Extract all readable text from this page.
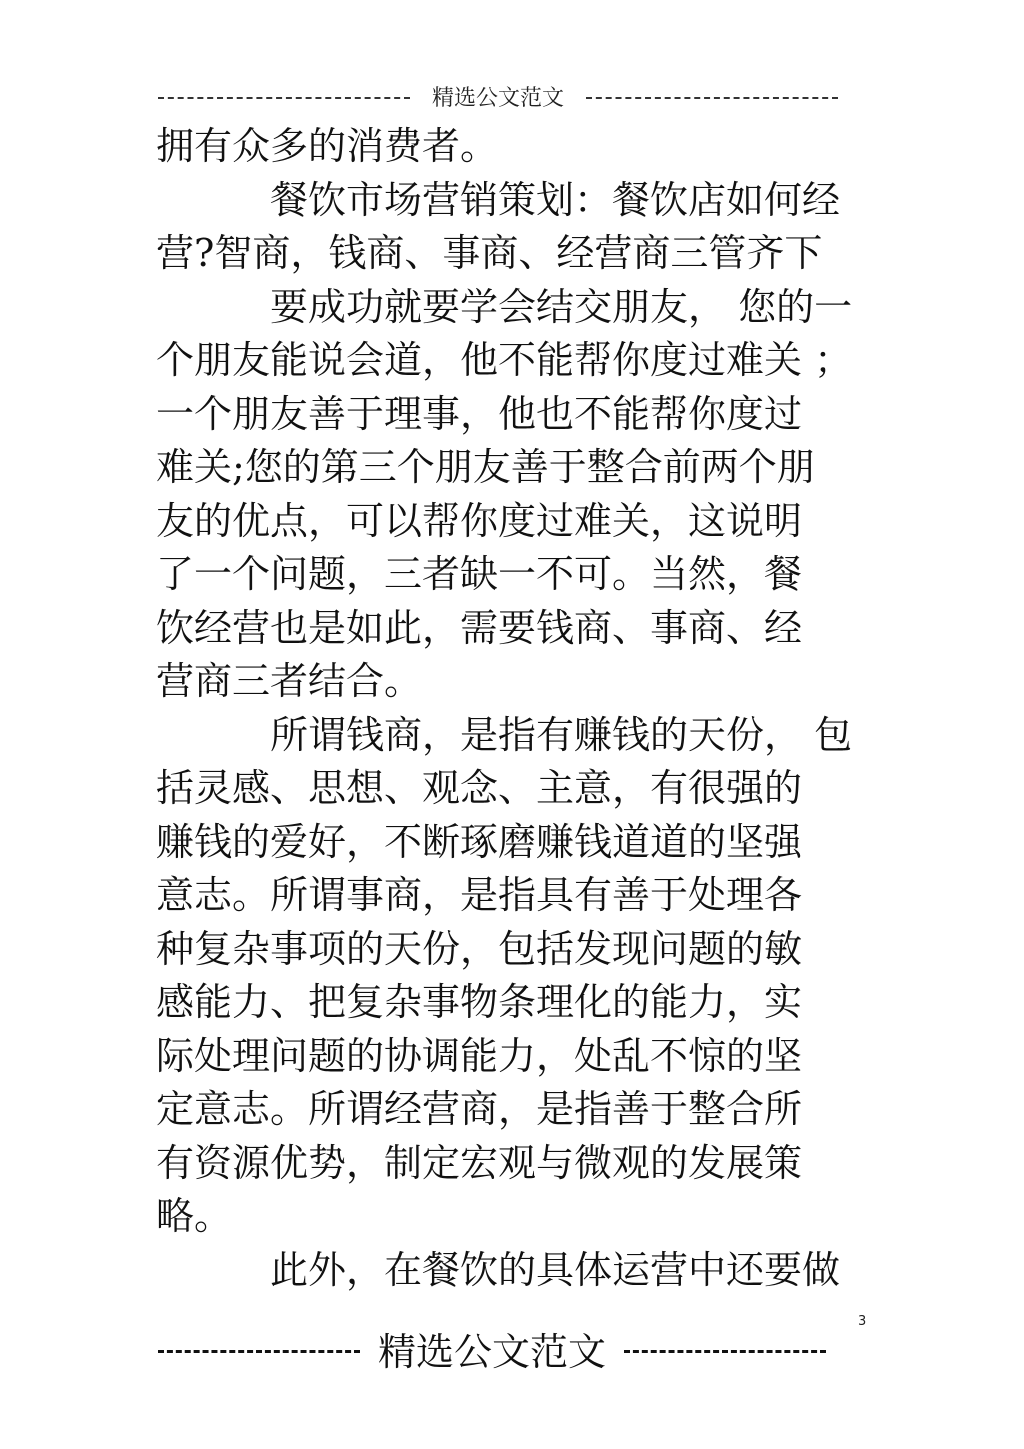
精选公文范文
拥有众多的消费者。
餐饮市场营销策划：餐饮店如何经
营?智商，钱商、事商、经营商三管齐下
要成功就要学会结交朋友， 您的一
个朋友能说会道，他不能帮你度过难关 ；
一个朋友善于理事，他也不能帮你度过
难关;您的第三个朋友善于整合前两个朋
友的优点，可以帮你度过难关，这说明
了一个问题，三者缺一不可。当然，餐
饮经营也是如此，需要钱商、事商、经
营商三者结合。
所谓钱商，是指有赚钱的天份， 包
括灵感、思想、观念、主意，有很强的
赚钱的爱好，不断琢磨赚钱道道的坚强
意志。所谓事商，是指具有善于处理各
种复杂事项的天份，包括发现问题的敏
感能力、把复杂事物条理化的能力，实
际处理问题的协调能力，处乱不惊的坚
定意志。所谓经营商，是指善于整合所
有资源优势，制定宏观与微观的发展策
略。
此外，在餐饮的具体运营中还要做
3
精选公文范文
